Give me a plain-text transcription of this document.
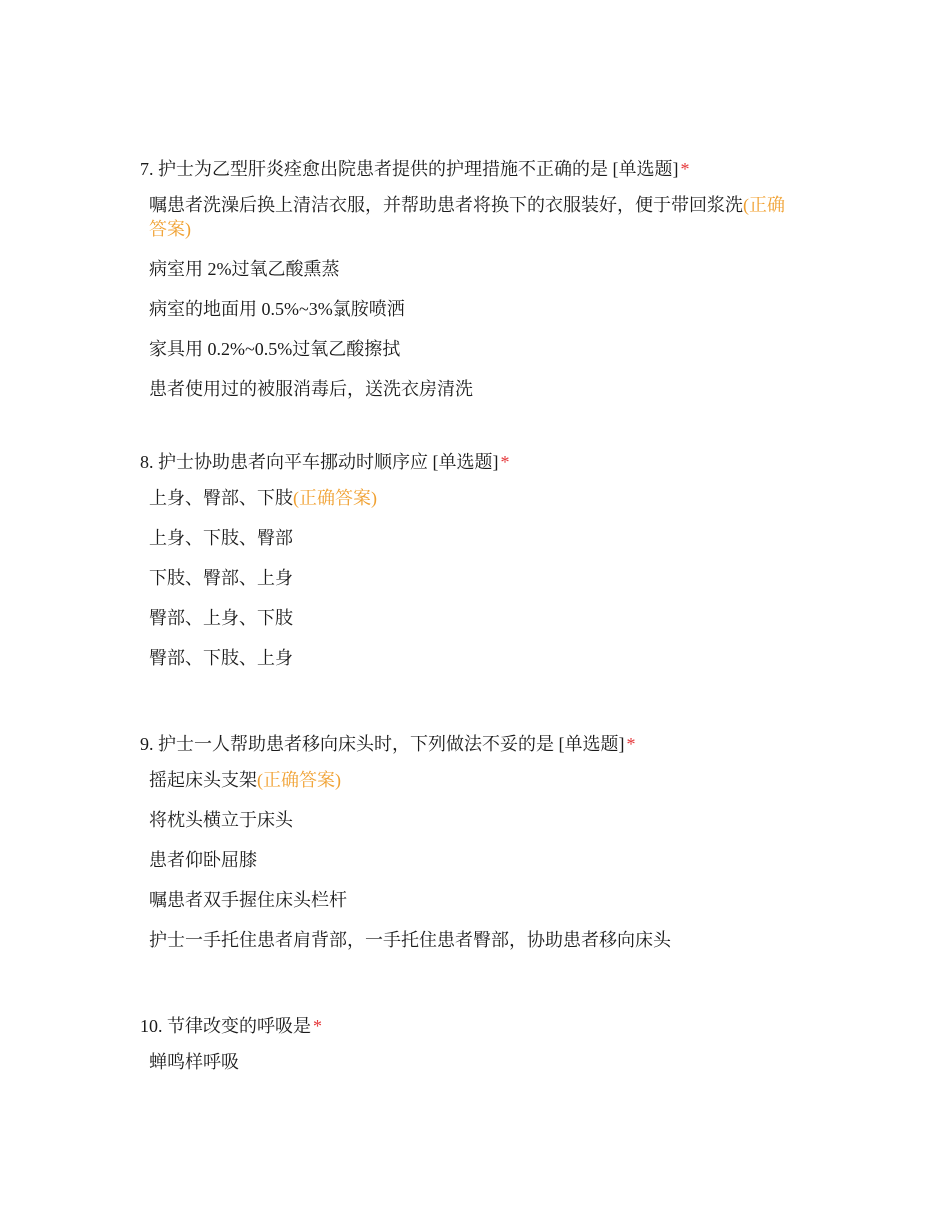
7. 护士为乙型肝炎痊愈出院患者提供的护理措施不正确的是 [单选题] *
嘱患者洗澡后换上清洁衣服，并帮助患者将换下的衣服装好，便于带回浆洗(正确答案)
病室用 2%过氧乙酸熏蒸
病室的地面用 0.5%~3%氯胺喷洒
家具用 0.2%~0.5%过氧乙酸擦拭
患者使用过的被服消毒后，送洗衣房清洗
8. 护士协助患者向平车挪动时顺序应 [单选题] *
上身、臀部、下肢(正确答案)
上身、下肢、臀部
下肢、臀部、上身
臀部、上身、下肢
臀部、下肢、上身
9. 护士一人帮助患者移向床头时，下列做法不妥的是 [单选题] *
摇起床头支架(正确答案)
将枕头横立于床头
患者仰卧屈膝
嘱患者双手握住床头栏杆
护士一手托住患者肩背部，一手托住患者臀部，协助患者移向床头
10. 节律改变的呼吸是 *
蝉鸣样呼吸
